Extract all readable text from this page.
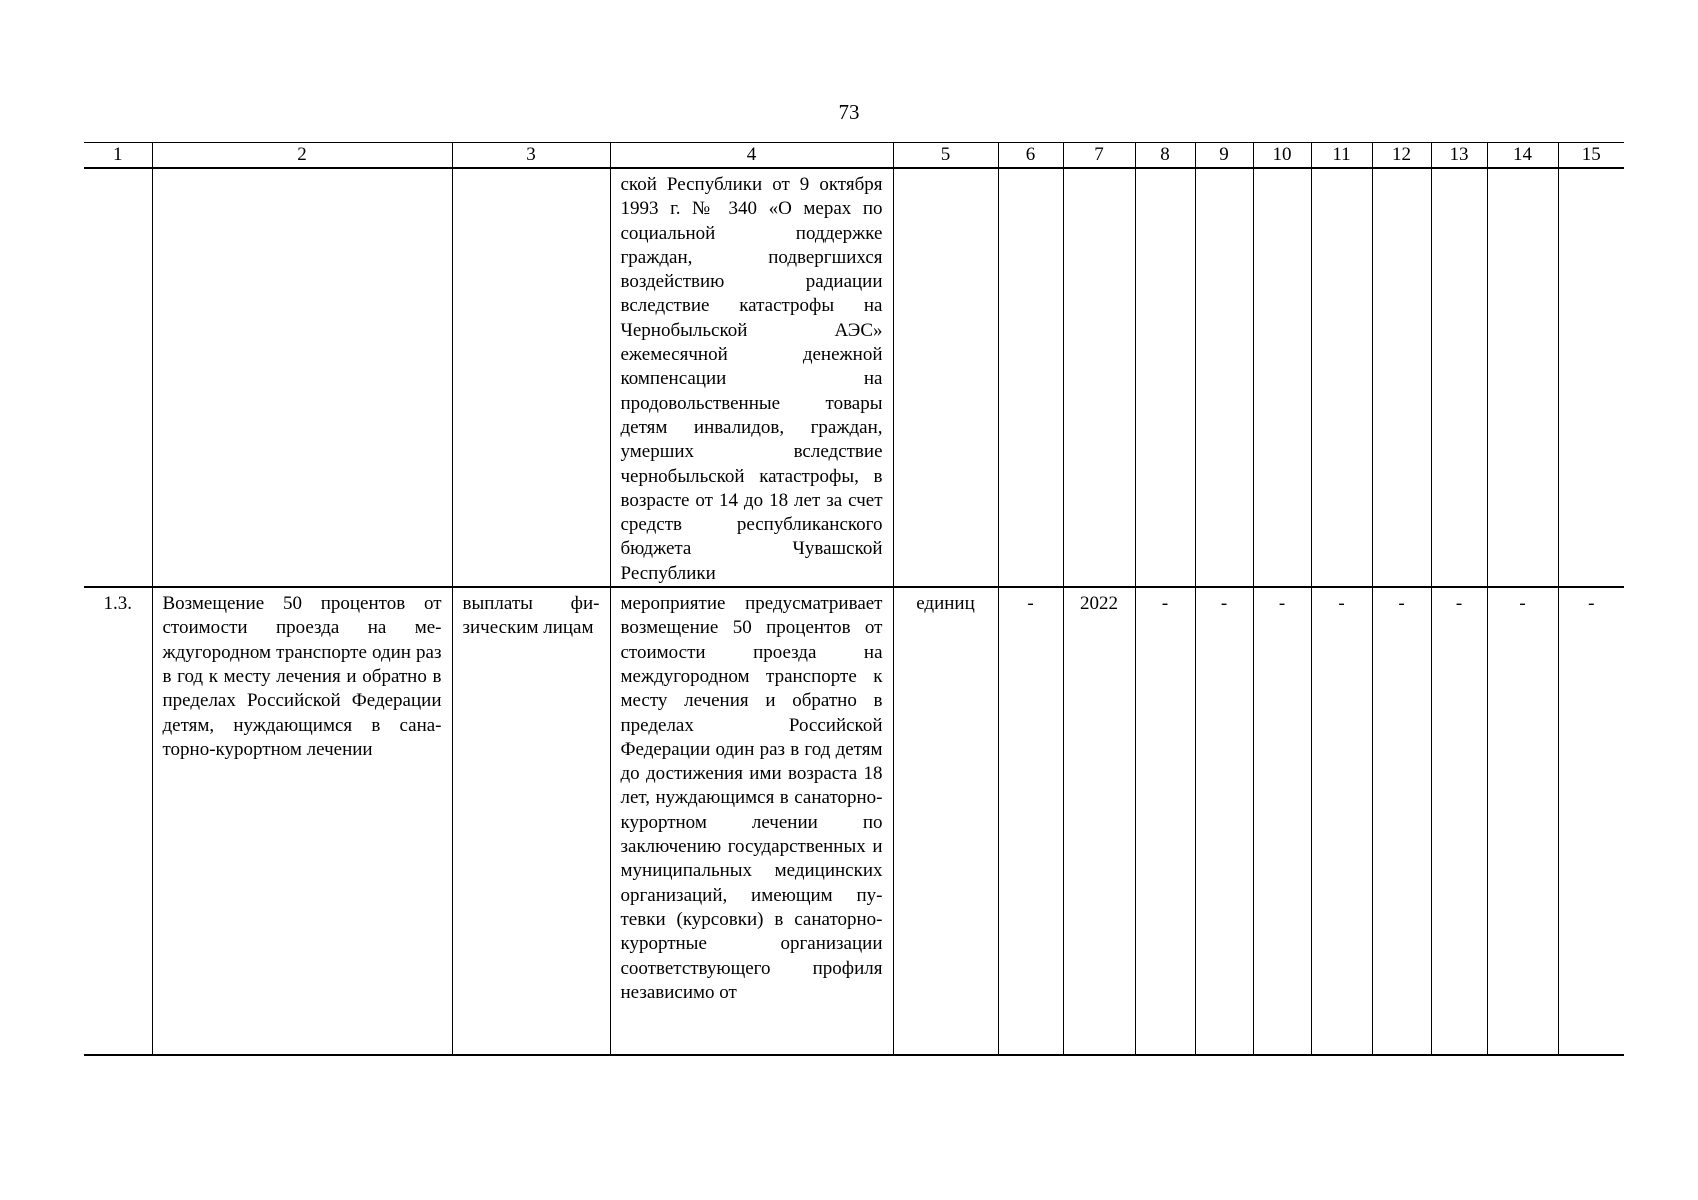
73
1	2	3	4	5	6	7	8	9	10	11	12	13	14	15
			ской Республики от 9 октября 1993 г. № 340 «О мерах по социальной поддержке граждан, подвергшихся воздействию радиации вследствие катастрофы на Чернобыльской АЭС» ежемесячной денежной компенсации на продовольственные товары детям инвалидов, граждан, умерших вследствие чернобыльской катастрофы, в возрасте от 14 до 18 лет за счет средств республиканского бюджета Чувашской Республики											
1.3.	Возмещение 50 процентов от стоимости проезда на междугородном транспорте один раз в год к месту лечения и обратно в пределах Российской Федерации детям, нуждающимся в санаторно-курортном лечении	выплаты физическим лицам	мероприятие предусматривает возмещение 50 процентов от стоимости проезда на междугородном транспорте к месту лечения и обратно в пределах Российской Федерации один раз в год детям до достижения ими возраста 18 лет, нуждающимся в санаторно-курортном лечении по заключению государственных и муниципальных медицинских организаций, имеющим путевки (курсовки) в санаторно-курортные организации соответствующего профиля независимо от	единиц	-	2022	-	-	-	-	-	-	-	-
